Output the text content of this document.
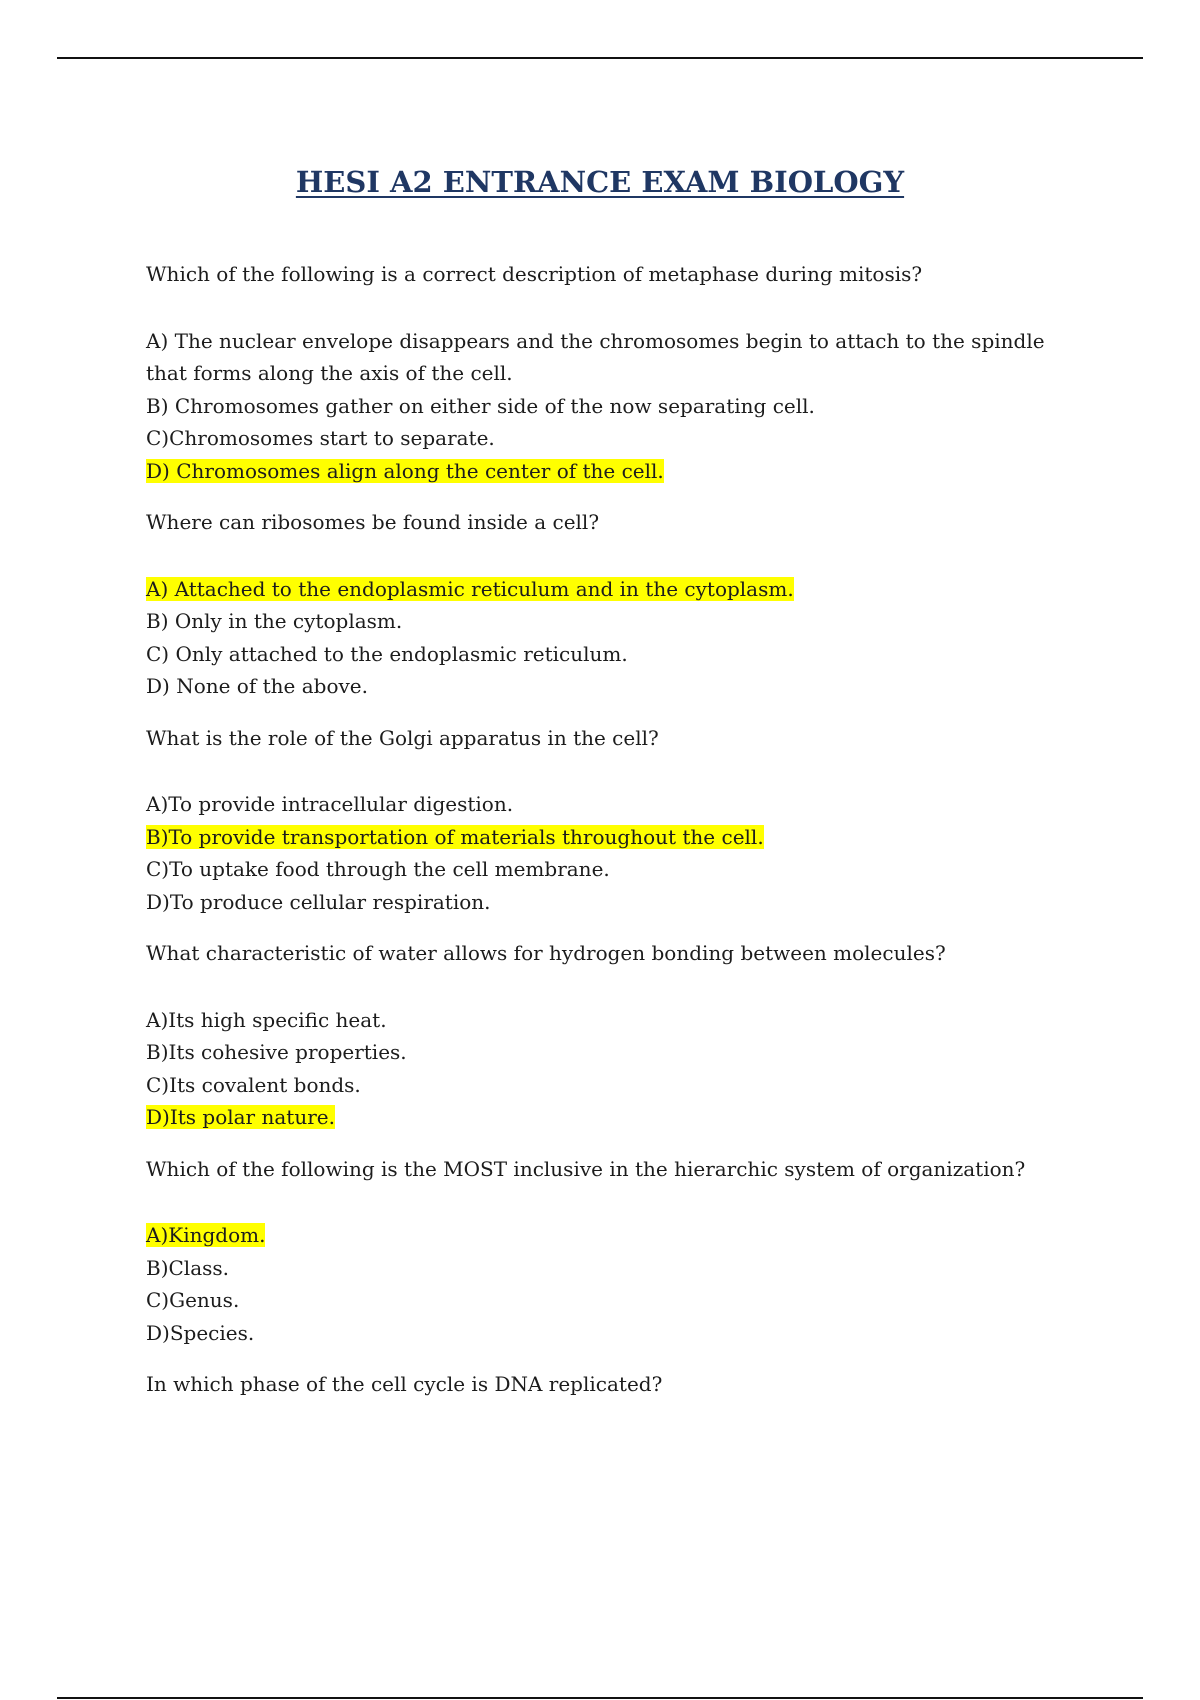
HESI A2 ENTRANCE EXAM BIOLOGY

Which of the following is a correct description of metaphase during mitosis?

A) The nuclear envelope disappears and the chromosomes begin to attach to the spindle that forms along the axis of the cell.

B) Chromosomes gather on either side of the now separating cell.

C)Chromosomes start to separate.

D) Chromosomes align along the center of the cell.

Where can ribosomes be found inside a cell?

A) Attached to the endoplasmic reticulum and in the cytoplasm.

B) Only in the cytoplasm.

C) Only attached to the endoplasmic reticulum.

D) None of the above.

What is the role of the Golgi apparatus in the cell?

A)To provide intracellular digestion.

B)To provide transportation of materials throughout the cell.

C)To uptake food through the cell membrane.

D)To produce cellular respiration.

What characteristic of water allows for hydrogen bonding between molecules?

A)Its high specific heat.

B)Its cohesive properties.

C)Its covalent bonds.

D)Its polar nature.

Which of the following is the MOST inclusive in the hierarchic system of organization?

A)Kingdom.

B)Class.

C)Genus.

D)Species.

In which phase of the cell cycle is DNA replicated?
